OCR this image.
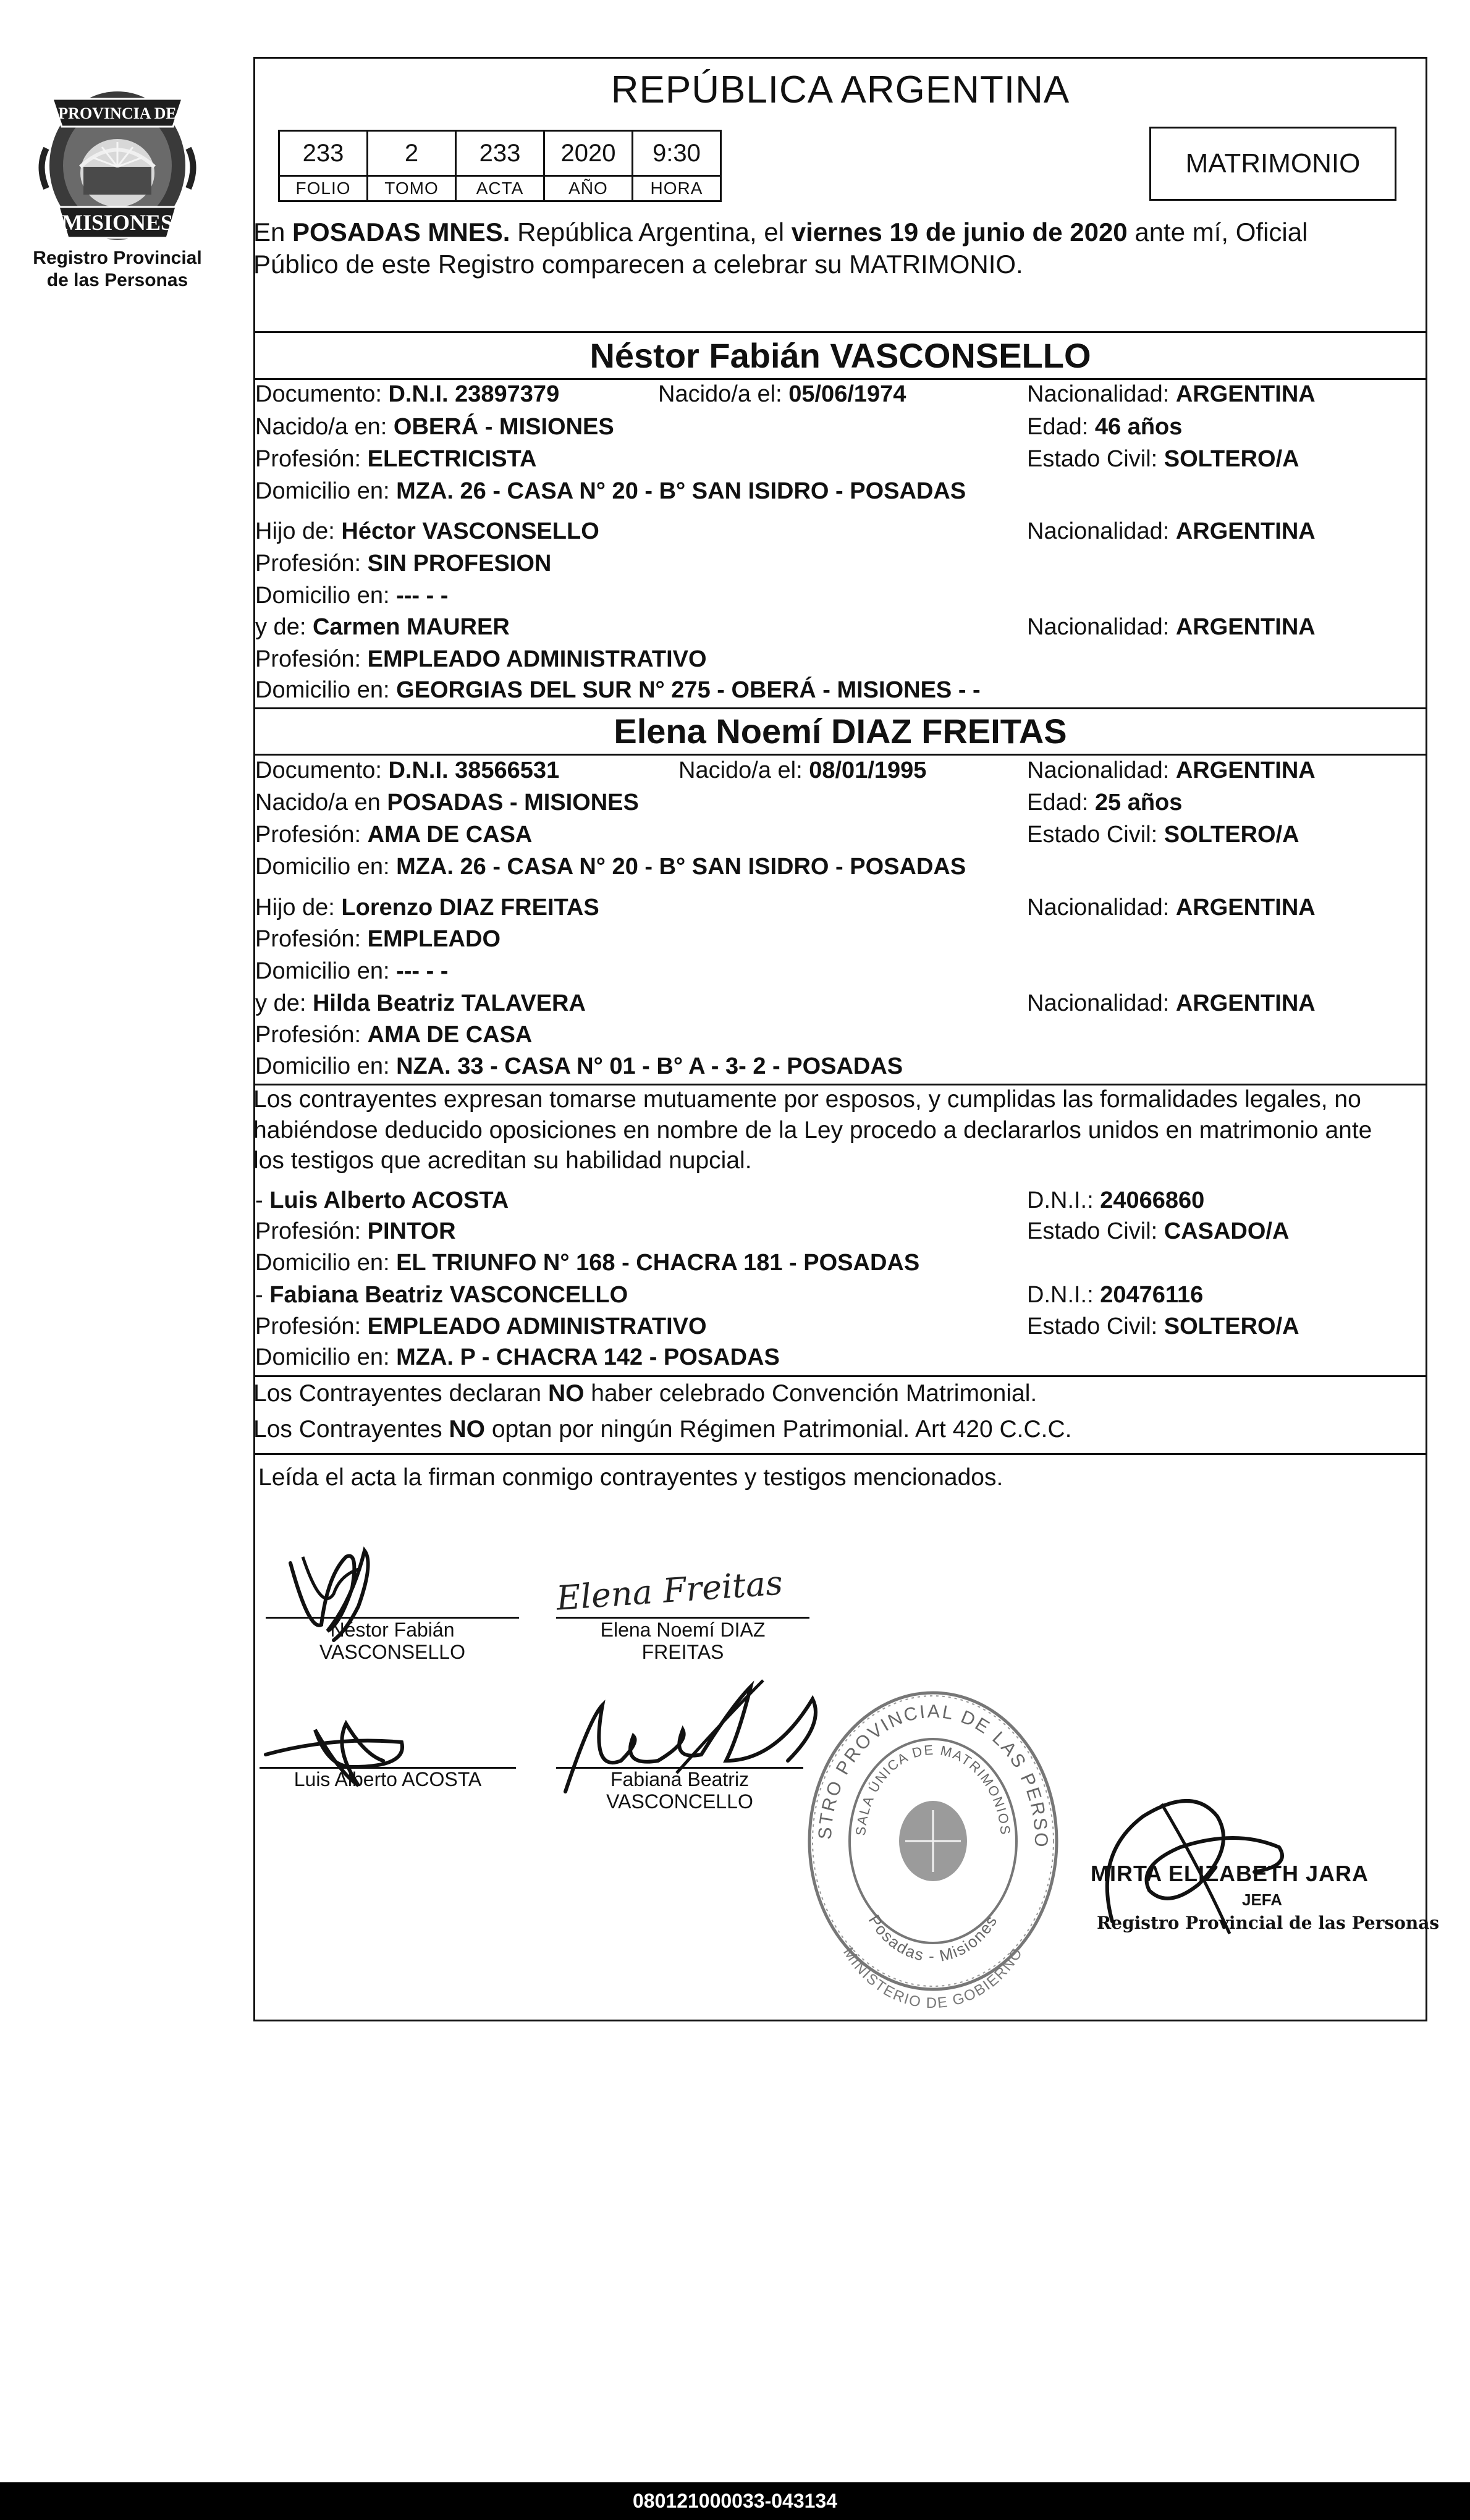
PROVINCIA DE
MISIONES
Registro Provincial
de las Personas
REPÚBLICA ARGENTINA
233	2	233	2020	9:30
FOLIO	TOMO	ACTA	AÑO	HORA
MATRIMONIO
En POSADAS MNES. República Argentina, el viernes 19 de junio de 2020 ante mí, Oficial
Público de este Registro comparecen a celebrar su MATRIMONIO.
Néstor Fabián VASCONSELLO
Documento: D.N.I. 23897379	Nacido/a el: 05/06/1974	Nacionalidad: ARGENTINA
Nacido/a en: OBERÁ - MISIONES	Edad: 46 años
Profesión: ELECTRICISTA	Estado Civil: SOLTERO/A
Domicilio en: MZA. 26 - CASA N° 20 - B° SAN ISIDRO - POSADAS
Hijo de: Héctor VASCONSELLO	Nacionalidad: ARGENTINA
Profesión: SIN PROFESION
Domicilio en: --- - -
y de: Carmen MAURER	Nacionalidad: ARGENTINA
Profesión: EMPLEADO ADMINISTRATIVO
Domicilio en: GEORGIAS DEL SUR N° 275 - OBERÁ - MISIONES - -
Elena Noemí DIAZ FREITAS
Documento: D.N.I. 38566531	Nacido/a el: 08/01/1995	Nacionalidad: ARGENTINA
Nacido/a en POSADAS - MISIONES	Edad: 25 años
Profesión: AMA DE CASA	Estado Civil: SOLTERO/A
Domicilio en: MZA. 26 - CASA N° 20 - B° SAN ISIDRO - POSADAS
Hijo de: Lorenzo DIAZ FREITAS	Nacionalidad: ARGENTINA
Profesión: EMPLEADO
Domicilio en: --- - -
y de: Hilda Beatriz TALAVERA	Nacionalidad: ARGENTINA
Profesión: AMA DE CASA
Domicilio en: NZA. 33 - CASA N° 01 - B° A - 3- 2 - POSADAS
Los contrayentes expresan tomarse mutuamente por esposos, y cumplidas las formalidades legales, no
habiéndose deducido oposiciones en nombre de la Ley procedo a declararlos unidos en matrimonio ante
los testigos que acreditan su habilidad nupcial.
- Luis Alberto ACOSTA	D.N.I.: 24066860
Profesión: PINTOR	Estado Civil: CASADO/A
Domicilio en: EL TRIUNFO N° 168 - CHACRA 181 - POSADAS
- Fabiana Beatriz VASCONCELLO	D.N.I.: 20476116
Profesión: EMPLEADO ADMINISTRATIVO	Estado Civil: SOLTERO/A
Domicilio en: MZA. P - CHACRA 142 - POSADAS
Los Contrayentes declaran NO haber celebrado Convención Matrimonial.
Los Contrayentes NO optan por ningún Régimen Patrimonial. Art 420 C.C.C.
Leída el acta la firman conmigo contrayentes y testigos mencionados.
Néstor Fabián
VASCONSELLO
Elena Freitas
Elena Noemí DIAZ
FREITAS
Luis Alberto ACOSTA	Fabiana Beatriz
VASCONCELLO
REGISTRO PROVINCIAL DE LAS PERSONAS
SALA ÚNICA DE MATRIMONIOS
Posadas - Misiones
MINISTERIO DE GOBIERNO
MIRTA ELIZABETH JARA
JEFA
Registro Provincial de las Personas
080121000033-043134
